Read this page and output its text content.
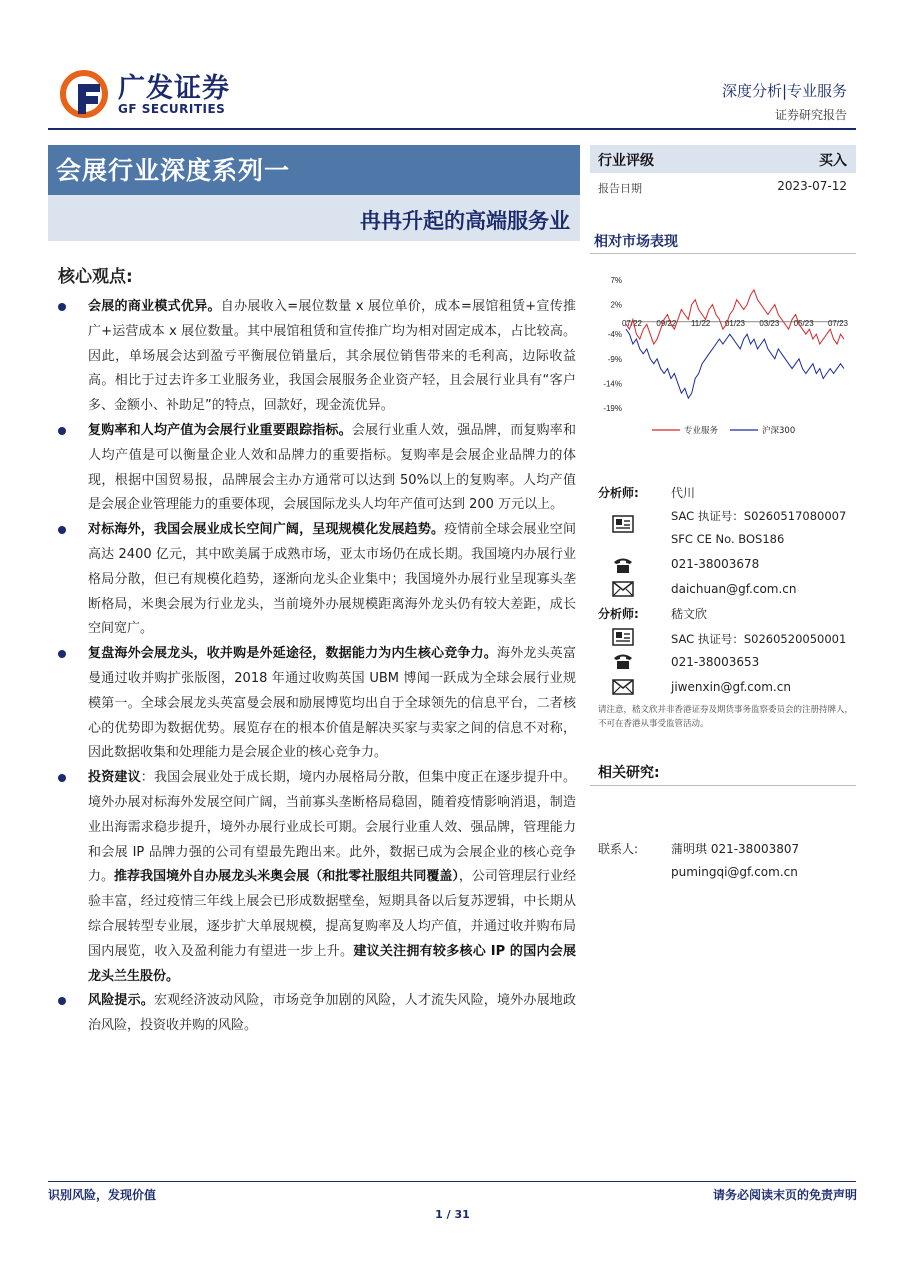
广发证券
GF SECURITIES
深度分析|专业服务
证券研究报告
会展行业深度系列一
冉冉升起的高端服务业
核心观点:
会展的商业模式优异。自办展收入=展位数量 x 展位单价，成本=展馆租赁+宣传推广+运营成本 x 展位数量。其中展馆租赁和宣传推广均为相对固定成本，占比较高。因此，单场展会达到盈亏平衡展位销量后，其余展位销售带来的毛利高，边际收益高。相比于过去许多工业服务业，我国会展服务企业资产轻，且会展行业具有“客户多、金额小、补助足”的特点，回款好，现金流优异。
复购率和人均产值为会展行业重要跟踪指标。会展行业重人效，强品牌，而复购率和人均产值是可以衡量企业人效和品牌力的重要指标。复购率是会展企业品牌力的体现，根据中国贸易报，品牌展会主办方通常可以达到 50%以上的复购率。人均产值是会展企业管理能力的重要体现，会展国际龙头人均年产值可达到 200 万元以上。
对标海外，我国会展业成长空间广阔，呈现规模化发展趋势。疫情前全球会展业空间高达 2400 亿元，其中欧美属于成熟市场，亚太市场仍在成长期。我国境内办展行业格局分散，但已有规模化趋势，逐渐向龙头企业集中；我国境外办展行业呈现寡头垄断格局，米奥会展为行业龙头，当前境外办展规模距离海外龙头仍有较大差距，成长空间宽广。
复盘海外会展龙头，收并购是外延途径，数据能力为内生核心竞争力。海外龙头英富曼通过收并购扩张版图，2018 年通过收购英国 UBM 博闻一跃成为全球会展行业规模第一。全球会展龙头英富曼会展和励展博览均出自于全球领先的信息平台，二者核心的优势即为数据优势。展览存在的根本价值是解决买家与卖家之间的信息不对称，因此数据收集和处理能力是会展企业的核心竞争力。
投资建议：我国会展业处于成长期，境内办展格局分散，但集中度正在逐步提升中。境外办展对标海外发展空间广阔，当前寡头垄断格局稳固，随着疫情影响消退，制造业出海需求稳步提升，境外办展行业成长可期。会展行业重人效、强品牌，管理能力和会展 IP 品牌力强的公司有望最先跑出来。此外，数据已成为会展企业的核心竞争力。推荐我国境外自办展龙头米奥会展（和批零社服组共同覆盖），公司管理层行业经验丰富，经过疫情三年线上展会已形成数据壁垒，短期具备以后复苏逻辑，中长期从综合展转型专业展，逐步扩大单展规模，提高复购率及人均产值，并通过收并购布局国内展览，收入及盈利能力有望进一步上升。建议关注拥有较多核心 IP 的国内会展龙头兰生股份。
风险提示。宏观经济波动风险，市场竞争加剧的风险，人才流失风险，境外办展地政治风险，投资收并购的风险。
行业评级	买入
报告日期	2023-07-12
相对市场表现
7%
2%
-4%
-9%
-14%
-19%
07/22 09/22 11/22 01/23 03/23 05/23 07/23
专业服务	沪深300
分析师:	代川
SAC 执证号：S0260517080007
SFC CE No. BOS186
021-38003678
daichuan@gf.com.cn
分析师:	嵇文欣
SAC 执证号：S0260520050001
021-38003653
jiwenxin@gf.com.cn
请注意，嵇文欣并非香港证券及期货事务监察委员会的注册持牌人，不可在香港从事受监管活动。
相关研究:
联系人:	蒲明琪 021-38003807
pumingqi@gf.com.cn
识别风险，发现价值	请务必阅读末页的免责声明
1 / 31
